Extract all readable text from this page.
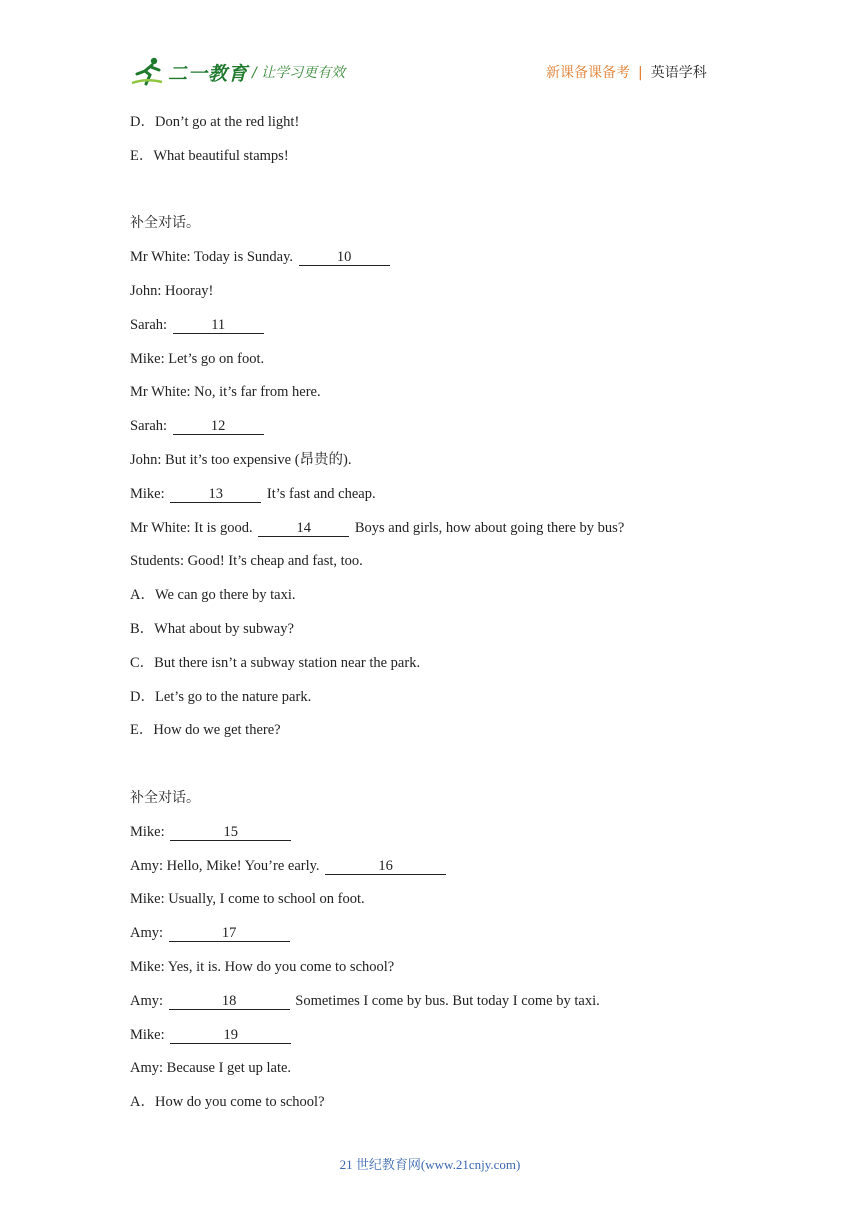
二一教育 / 让学习更有效	新课备课备考 | 英语学科
D．Don’t go at the red light!
E．What beautiful stamps!
补全对话。
Mr White: Today is Sunday.	10
John: Hooray!
Sarah:	11
Mike: Let’s go on foot.
Mr White: No, it’s far from here.
Sarah:	12
John: But it’s too expensive (昂贵的).
Mike:	13	It’s fast and cheap.
Mr White: It is good.	14	Boys and girls, how about going there by bus?
Students: Good! It’s cheap and fast, too.
A．We can go there by taxi.
B．What about by subway?
C．But there isn’t a subway station near the park.
D．Let’s go to the nature park.
E．How do we get there?
补全对话。
Mike:	15
Amy: Hello, Mike! You’re early.	16
Mike: Usually, I come to school on foot.
Amy:	17
Mike: Yes, it is. How do you come to school?
Amy:	18	Sometimes I come by bus. But today I come by taxi.
Mike:	19
Amy: Because I get up late.
A．How do you come to school?
21 世纪教育网(www.21cnjy.com)
